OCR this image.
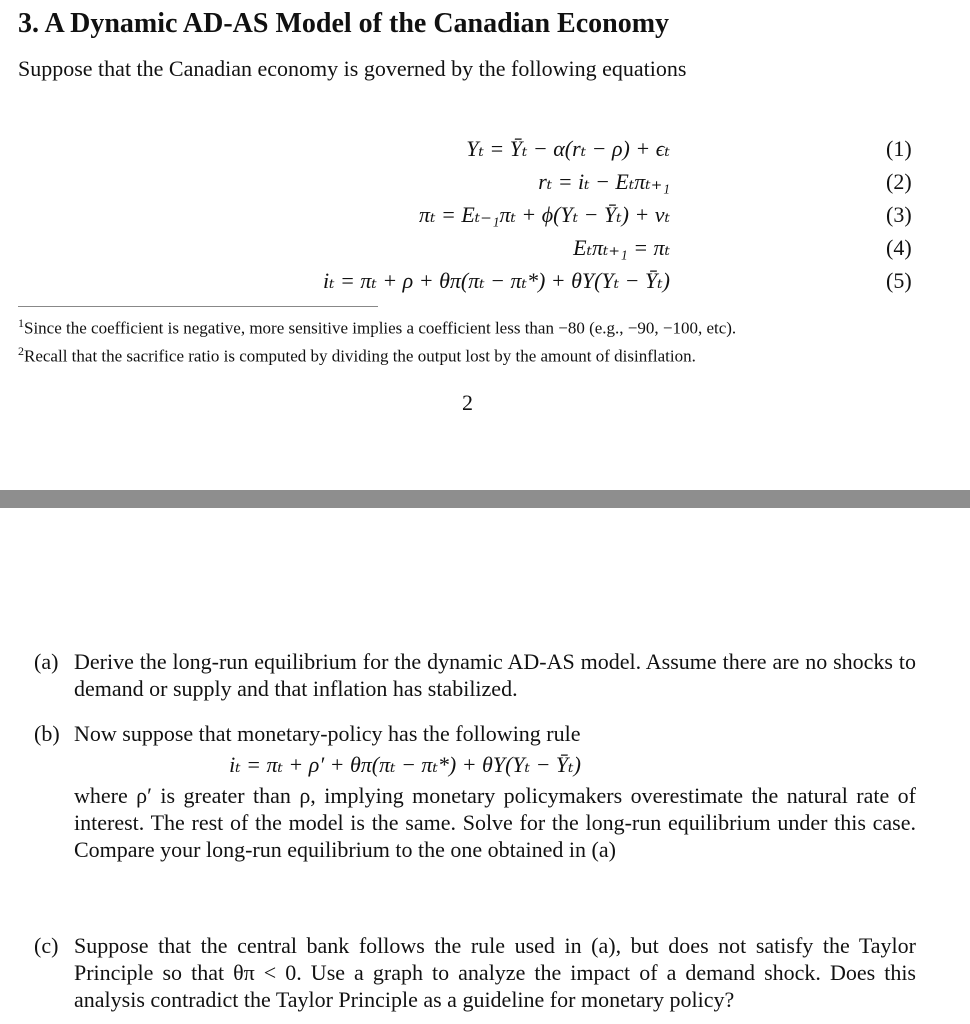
3. A Dynamic AD-AS Model of the Canadian Economy

Suppose that the Canadian economy is governed by the following equations

Yₜ = Ȳₜ − α(rₜ − ρ) + ϵₜ	(1)
rₜ = iₜ − Eₜπₜ₊₁	(2)
πₜ = Eₜ₋₁πₜ + ϕ(Yₜ − Ȳₜ) + vₜ	(3)
Eₜπₜ₊₁ = πₜ	(4)
iₜ = πₜ + ρ + θπ(πₜ − πₜ*) + θY(Yₜ − Ȳₜ)	(5)

$^1$Since the coefficient is negative, more sensitive implies a coefficient less than −80 (e.g., −90, −100, etc).

$^2$Recall that the sacrifice ratio is computed by dividing the output lost by the amount of disinflation.

2
(a) Derive the long-run equilibrium for the dynamic AD-AS model. Assume there are no shocks to demand or supply and that inflation has stabilized.
(b) Now suppose that monetary-policy has the following rule
iₜ = πₜ + ρ′ + θπ(πₜ − πₜ*) + θY(Yₜ − Ȳₜ)
where ρ′ is greater than ρ, implying monetary policymakers overestimate the natural rate of interest. The rest of the model is the same. Solve for the long-run equilibrium under this case. Compare your long-run equilibrium to the one obtained in (a)
(c) Suppose that the central bank follows the rule used in (a), but does not satisfy the Taylor Principle so that θπ < 0. Use a graph to analyze the impact of a demand shock. Does this analysis contradict the Taylor Principle as a guideline for monetary policy?
